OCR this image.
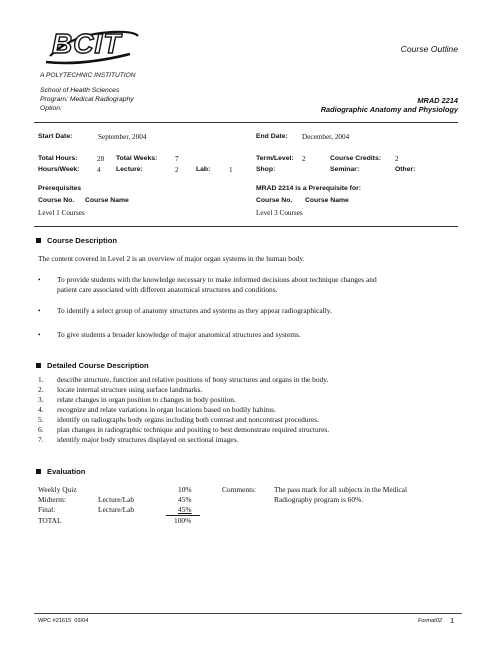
BCIT
A POLYTECHNIC INSTITUTION
Course Outline
School of Health Sciences
Program: Medical Radiography
Option:
MRAD 2214
Radiographic Anatomy and Physiology
Start Date:	September, 2004	End Date: December, 2004
Total Hours:	28 Total Weeks: 7	Term/Level: 2	Course Credits: 2
Hours/Week: 4 Lecture:	2	Lab:	1	Shop:	Seminar:	Other:
Prerequisites
Course No. Course Name
Level 1 Courses
MRAD 2214 is a Prerequisite for:
Course No. Course Name
Level 3 Courses
Course Description
The content covered in Level 2 is an overview of major organ systems in the human body.
• To provide students with the knowledge necessary to make informed decisions about technique changes and
patient care associated with different anatomical structures and conditions.
• To identify a select group of anatomy structures and systems as they appear radiographically.
• To give students a broader knowledge of major anatomical structures and systems.
Detailed Course Description
1. describe structure, function and relative positions of bony structures and organs in the body.
2. locate internal structure using surface landmarks.
3. relate changes in organ position to changes in body position.
4. recognize and relate variations in organ locations based on bodily habitus.
5. identify on radiographs body organs including both contrast and noncontrast procedures.
6. plan changes in radiographic technique and positing to best demonstrate required structures.
7. identify major body structures displayed on sectional images.
Evaluation
Weekly Quiz	10%
Midterm:	Lecture/Lab	45%
Final:	Lecture/Lab	45%
TOTAL	100%
Comments: The pass mark for all subjects in the Medical
Radiography program is 60%.
WPC #21615 03/04	Format02 1
